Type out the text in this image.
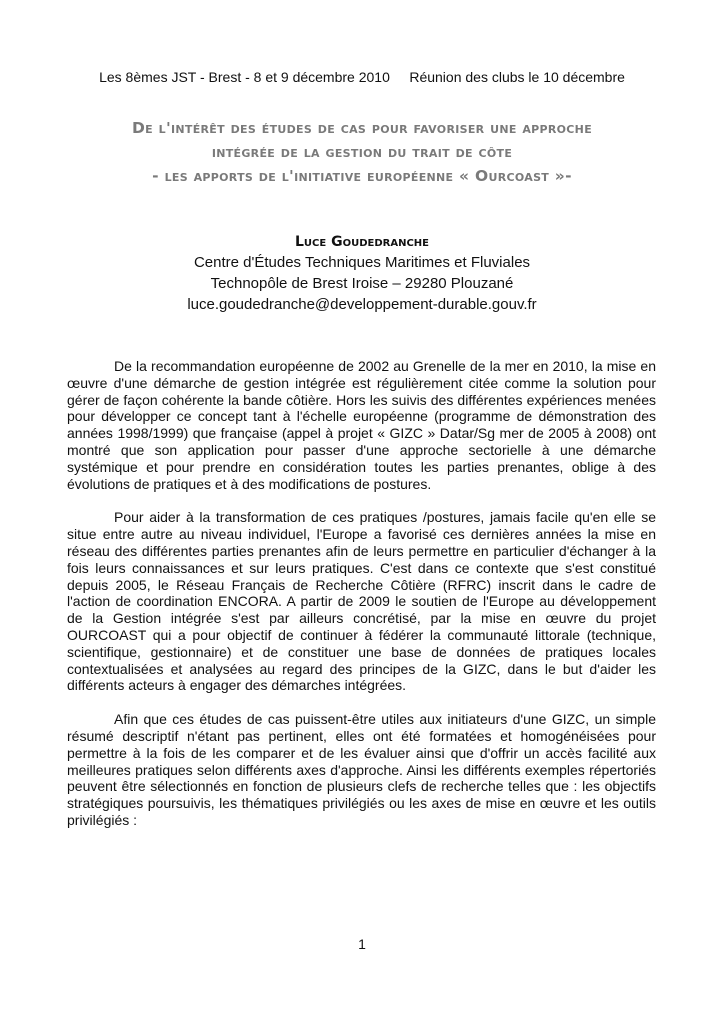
Les 8èmes JST - Brest - 8 et 9 décembre 2010 Réunion des clubs le 10 décembre
De l'intérêt des études de cas pour favoriser une approche
intégrée de la gestion du trait de côte
- les apports de l'initiative européenne « Ourcoast »-
Luce Goudedranche
Centre d'Études Techniques Maritimes et Fluviales
Technopôle de Brest Iroise – 29280 Plouzané
luce.goudedranche@developpement-durable.gouv.fr

De la recommandation européenne de 2002 au Grenelle de la mer en 2010, la mise en œuvre d'une démarche de gestion intégrée est régulièrement citée comme la solution pour gérer de façon cohérente la bande côtière. Hors les suivis des différentes expériences menées pour développer ce concept tant à l'échelle européenne (programme de démonstration des années 1998/1999) que française (appel à projet « GIZC » Datar/Sg mer de 2005 à 2008) ont montré que son application pour passer d'une approche sectorielle à une démarche systémique et pour prendre en considération toutes les parties prenantes, oblige à des évolutions de pratiques et à des modifications de postures.

Pour aider à la transformation de ces pratiques /postures, jamais facile qu'en elle se situe entre autre au niveau individuel, l'Europe a favorisé ces dernières années la mise en réseau des différentes parties prenantes afin de leurs permettre en particulier d'échanger à la fois leurs connaissances et sur leurs pratiques. C'est dans ce contexte que s'est constitué depuis 2005, le Réseau Français de Recherche Côtière (RFRC) inscrit dans le cadre de l'action de coordination ENCORA. A partir de 2009 le soutien de l'Europe au développement de la Gestion intégrée s'est par ailleurs concrétisé, par la mise en œuvre du projet OURCOAST qui a pour objectif de continuer à fédérer la communauté littorale (technique, scientifique, gestionnaire) et de constituer une base de données de pratiques locales contextualisées et analysées au regard des principes de la GIZC, dans le but d'aider les différents acteurs à engager des démarches intégrées.

Afin que ces études de cas puissent-être utiles aux initiateurs d'une GIZC, un simple résumé descriptif n'étant pas pertinent, elles ont été formatées et homogénéisées pour permettre à la fois de les comparer et de les évaluer ainsi que d'offrir un accès facilité aux meilleures pratiques selon différents axes d'approche. Ainsi les différents exemples répertoriés peuvent être sélectionnés en fonction de plusieurs clefs de recherche telles que : les objectifs stratégiques poursuivis, les thématiques privilégiés ou les axes de mise en œuvre et les outils privilégiés :

1
